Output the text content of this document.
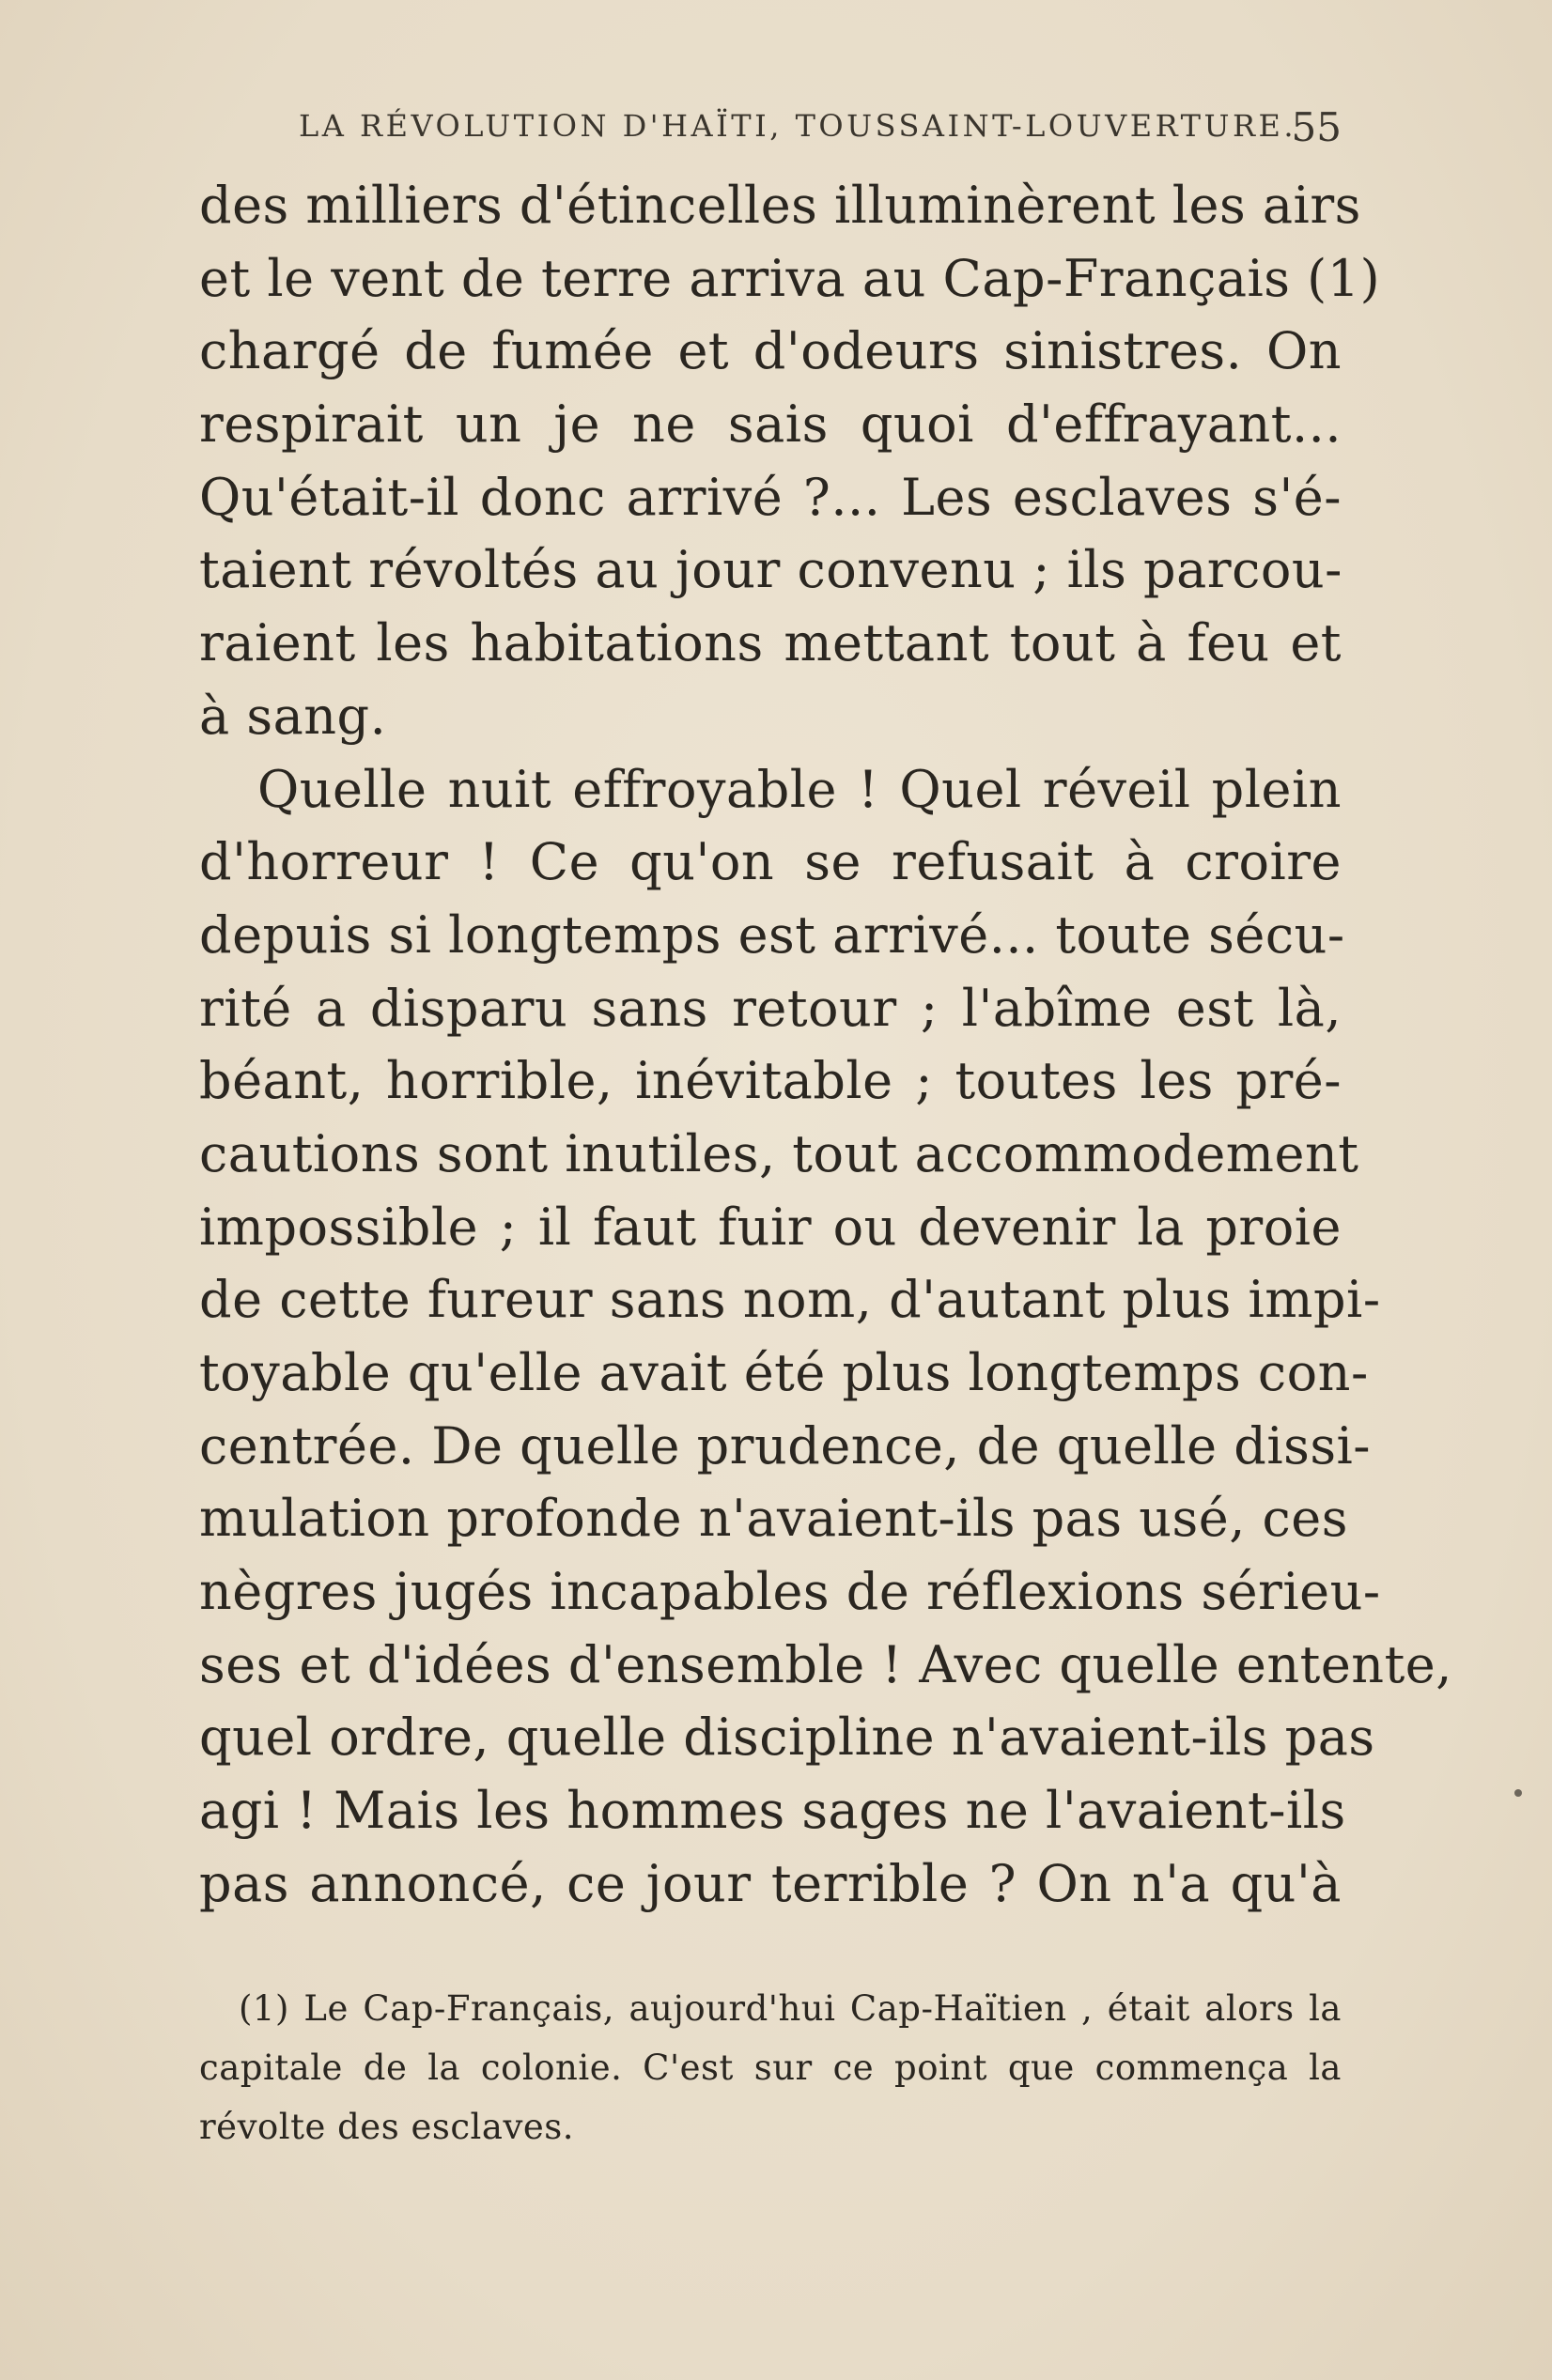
LA RÉVOLUTION D'HAÏTI, TOUSSAINT-LOUVERTURE.
55
des milliers d'étincelles illuminèrent les airs
et le vent de terre arriva au Cap-Français (1)
chargé de fumée et d'odeurs sinistres. On
respirait un je ne sais quoi d'effrayant...
Qu'était-il donc arrivé ?... Les esclaves s'é-
taient révoltés au jour convenu ; ils parcou-
raient les habitations mettant tout à feu et
à sang.
Quelle nuit effroyable ! Quel réveil plein
d'horreur ! Ce qu'on se refusait à croire
depuis si longtemps est arrivé... toute sécu-
rité a disparu sans retour ; l'abîme est là,
béant, horrible, inévitable ; toutes les pré-
cautions sont inutiles, tout accommodement
impossible ; il faut fuir ou devenir la proie
de cette fureur sans nom, d'autant plus impi-
toyable qu'elle avait été plus longtemps con-
centrée. De quelle prudence, de quelle dissi-
mulation profonde n'avaient-ils pas usé, ces
nègres jugés incapables de réflexions sérieu-
ses et d'idées d'ensemble ! Avec quelle entente,
quel ordre, quelle discipline n'avaient-ils pas
agi ! Mais les hommes sages ne l'avaient-ils
pas annoncé, ce jour terrible ? On n'a qu'à
(1) Le Cap-Français, aujourd'hui Cap-Haïtien , était alors la
capitale de la colonie. C'est sur ce point que commença la
révolte des esclaves.
